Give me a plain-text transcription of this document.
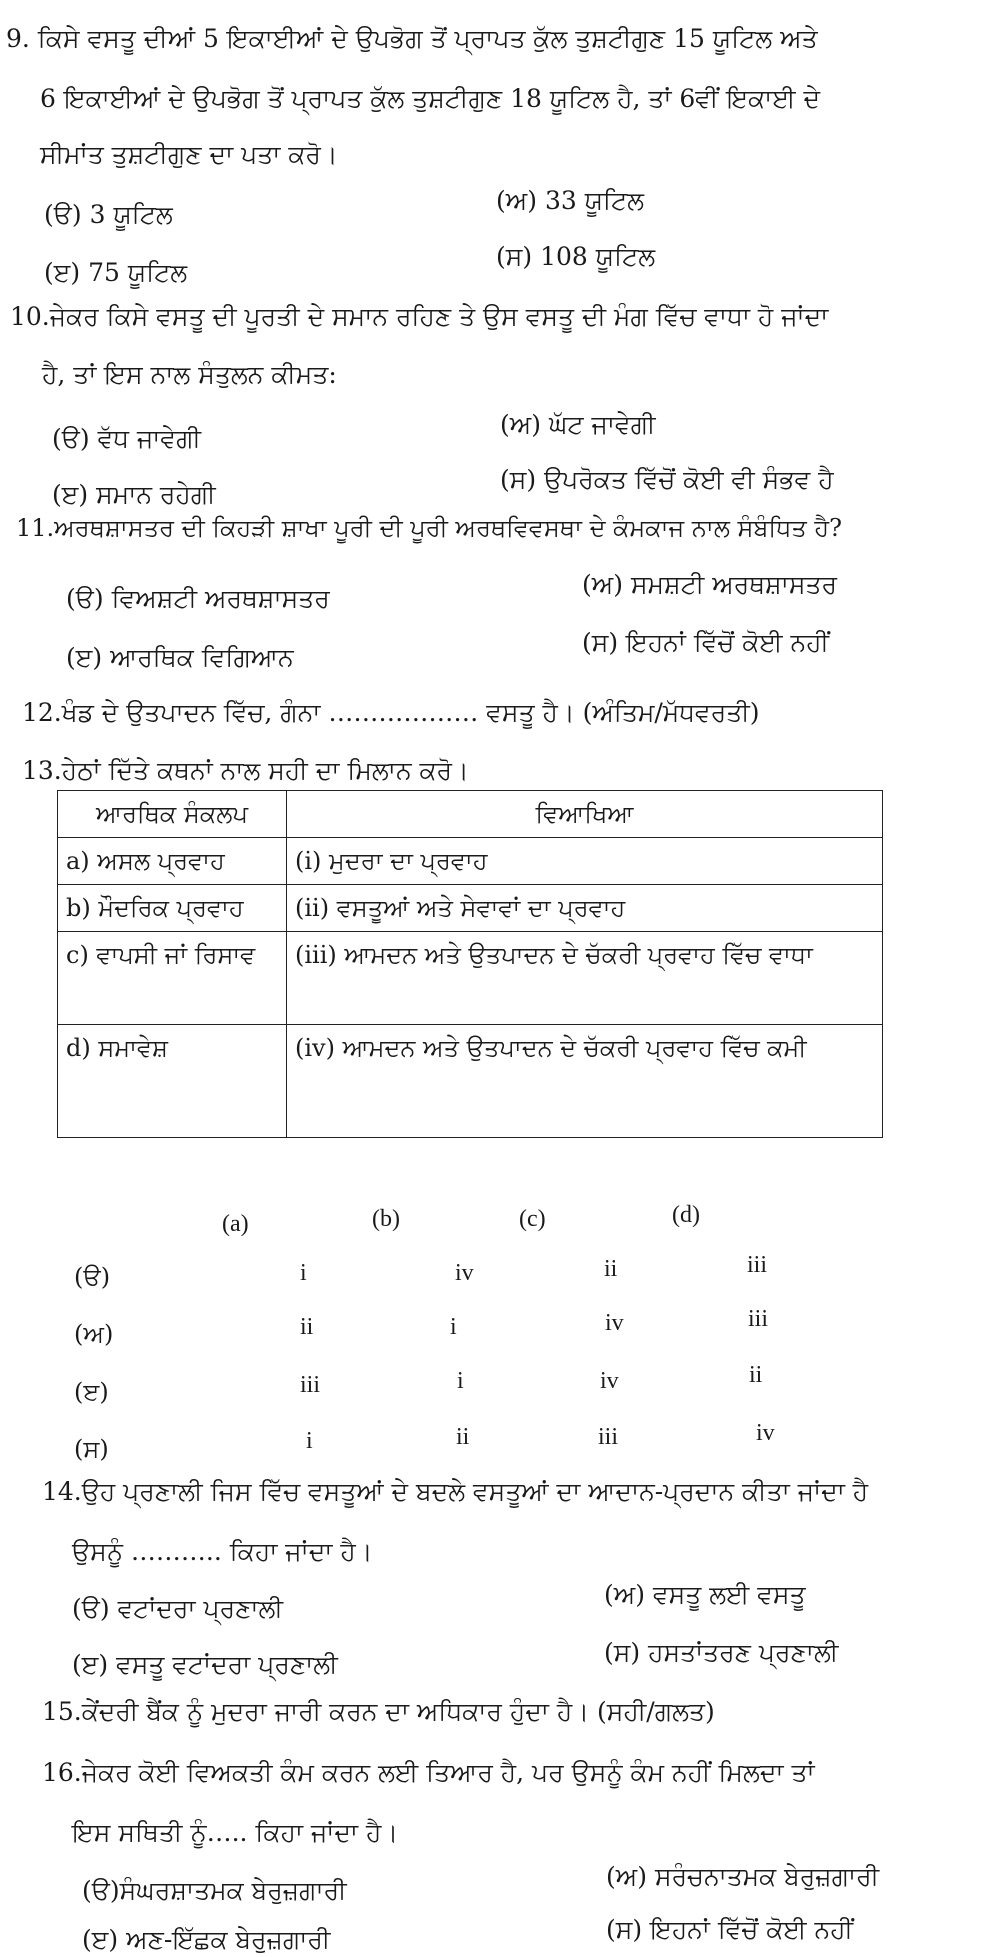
9. ਕਿਸੇ ਵਸਤੂ ਦੀਆਂ 5 ਇਕਾਈਆਂ ਦੇ ਉਪਭੋਗ ਤੋਂ ਪ੍ਰਾਪਤ ਕੁੱਲ ਤੁਸ਼ਟੀਗੁਣ 15 ਯੂਟਿਲ ਅਤੇ
6 ਇਕਾਈਆਂ ਦੇ ਉਪਭੋਗ ਤੋਂ ਪ੍ਰਾਪਤ ਕੁੱਲ ਤੁਸ਼ਟੀਗੁਣ 18 ਯੂਟਿਲ ਹੈ, ਤਾਂ 6ਵੀਂ ਇਕਾਈ ਦੇ
ਸੀਮਾਂਤ ਤੁਸ਼ਟੀਗੁਣ ਦਾ ਪਤਾ ਕਰੋ।
(ੳ) 3 ਯੂਟਿਲ	(ਅ) 33 ਯੂਟਿਲ
(ੲ) 75 ਯੂਟਿਲ
(ਸ) 108 ਯੂਟਿਲ
10.ਜੇਕਰ ਕਿਸੇ ਵਸਤੂ ਦੀ ਪੂਰਤੀ ਦੇ ਸਮਾਨ ਰਹਿਣ ਤੇ ਉਸ ਵਸਤੂ ਦੀ ਮੰਗ ਵਿੱਚ ਵਾਧਾ ਹੋ ਜਾਂਦਾ
ਹੈ, ਤਾਂ ਇਸ ਨਾਲ ਸੰਤੁਲਨ ਕੀਮਤ:
(ੳ) ਵੱਧ ਜਾਵੇਗੀ	(ਅ) ਘੱਟ ਜਾਵੇਗੀ
(ੲ) ਸਮਾਨ ਰਹੇਗੀ
(ਸ) ਉਪਰੋਕਤ ਵਿੱਚੋਂ ਕੋਈ ਵੀ ਸੰਭਵ ਹੈ
11.ਅਰਥਸ਼ਾਸਤਰ ਦੀ ਕਿਹੜੀ ਸ਼ਾਖਾ ਪੂਰੀ ਦੀ ਪੂਰੀ ਅਰਥਵਿਵਸਥਾ ਦੇ ਕੰਮਕਾਜ ਨਾਲ ਸੰਬੰਧਿਤ ਹੈ?
(ੳ) ਵਿਅਸ਼ਟੀ ਅਰਥਸ਼ਾਸਤਰ	(ਅ) ਸਮਸ਼ਟੀ ਅਰਥਸ਼ਾਸਤਰ
(ੲ) ਆਰਥਿਕ ਵਿਗਿਆਨ
(ਸ) ਇਹਨਾਂ ਵਿੱਚੋਂ ਕੋਈ ਨਹੀਂ
12.ਖੰਡ ਦੇ ਉਤਪਾਦਨ ਵਿੱਚ, ਗੰਨਾ ……………… ਵਸਤੂ ਹੈ। (ਅੰਤਿਮ/ਮੱਧਵਰਤੀ)
13.ਹੇਠਾਂ ਦਿੱਤੇ ਕਥਨਾਂ ਨਾਲ ਸਹੀ ਦਾ ਮਿਲਾਨ ਕਰੋ।
ਆਰਥਿਕ ਸੰਕਲਪ	ਵਿਆਖਿਆ
a) ਅਸਲ ਪ੍ਰਵਾਹ	(i) ਮੁਦਰਾ ਦਾ ਪ੍ਰਵਾਹ
b) ਮੌਦਰਿਕ ਪ੍ਰਵਾਹ	(ii) ਵਸਤੂਆਂ ਅਤੇ ਸੇਵਾਵਾਂ ਦਾ ਪ੍ਰਵਾਹ
c) ਵਾਪਸੀ ਜਾਂ ਰਿਸਾਵ	(iii) ਆਮਦਨ ਅਤੇ ਉਤਪਾਦਨ ਦੇ ਚੱਕਰੀ ਪ੍ਰਵਾਹ ਵਿੱਚ ਵਾਧਾ
d) ਸਮਾਵੇਸ਼	(iv) ਆਮਦਨ ਅਤੇ ਉਤਪਾਦਨ ਦੇ ਚੱਕਰੀ ਪ੍ਰਵਾਹ ਵਿੱਚ ਕਮੀ
(a)	(b)	(c)	(d)
(ੳ)	i	iv	ii	iii
(ਅ)	ii	i	iv	iii
(ੲ)	iii	i	iv	ii
(ਸ)	i	ii	iii	iv
14.ਉਹ ਪ੍ਰਣਾਲੀ ਜਿਸ ਵਿੱਚ ਵਸਤੂਆਂ ਦੇ ਬਦਲੇ ਵਸਤੂਆਂ ਦਾ ਆਦਾਨ-ਪ੍ਰਦਾਨ ਕੀਤਾ ਜਾਂਦਾ ਹੈ
ਉਸਨੂੰ ……….. ਕਿਹਾ ਜਾਂਦਾ ਹੈ।
(ੳ) ਵਟਾਂਦਰਾ ਪ੍ਰਣਾਲੀ	(ਅ) ਵਸਤੂ ਲਈ ਵਸਤੂ
(ੲ) ਵਸਤੂ ਵਟਾਂਦਰਾ ਪ੍ਰਣਾਲੀ	(ਸ) ਹਸਤਾਂਤਰਣ ਪ੍ਰਣਾਲੀ
15.ਕੇਂਦਰੀ ਬੈਂਕ ਨੂੰ ਮੁਦਰਾ ਜਾਰੀ ਕਰਨ ਦਾ ਅਧਿਕਾਰ ਹੁੰਦਾ ਹੈ। (ਸਹੀ/ਗਲਤ)
16.ਜੇਕਰ ਕੋਈ ਵਿਅਕਤੀ ਕੰਮ ਕਰਨ ਲਈ ਤਿਆਰ ਹੈ, ਪਰ ਉਸਨੂੰ ਕੰਮ ਨਹੀਂ ਮਿਲਦਾ ਤਾਂ
ਇਸ ਸਥਿਤੀ ਨੂੰ….. ਕਿਹਾ ਜਾਂਦਾ ਹੈ।
(ੳ)ਸੰਘਰਸ਼ਾਤਮਕ ਬੇਰੁਜ਼ਗਾਰੀ	(ਅ) ਸਰੰਚਨਾਤਮਕ ਬੇਰੁਜ਼ਗਾਰੀ
(ੲ) ਅਣ-ਇੱਛਕ ਬੇਰੁਜ਼ਗਾਰੀ	(ਸ) ਇਹਨਾਂ ਵਿੱਚੋਂ ਕੋਈ ਨਹੀਂ
